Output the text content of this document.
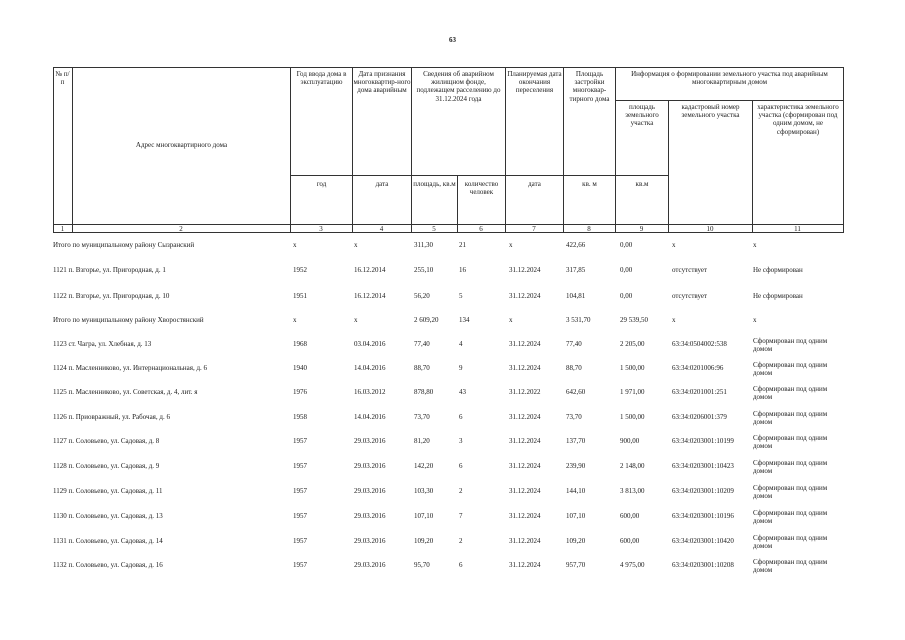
63
№ п/п
Адрес многоквартирного дома
Год ввода дома в эксплуатацию
Дата признания многоквартир-ного дома аварийным
Сведения об аварийном жилищном фонде, подлежащем расселению до 31.12.2024 года
Планируемая дата окончания переселения
Площадь застройки многоквар-тирного дома
Информация о формировании земельного участка под аварийным многоквартирным домом
площадь земельного участка
кадастровый номер земельного участка
характеристика земельного участка (сформирован под одним домом, не сформирован)
год	дата	площадь, кв.м	количество человек
дата	кв. м	кв.м
1	2	3	4	5	6	7	8	9	10	11
Итого по муниципальному району Сызранский	х	х	311,30	21	х	422,66	0,00	х	х
1121 п. Взгорье, ул. Пригородная, д. 1	1952	16.12.2014	255,10	16	31.12.2024	317,85	0,00	отсутствует	Не сформирован
1122 п. Взгорье, ул. Пригородная, д. 10	1951	16.12.2014	56,20	5	31.12.2024	104,81	0,00	отсутствует	Не сформирован
Итого по муниципальному району Хворостянский	х	х	2 609,20	134	х	3 531,70	29 539,50	х	х
1123 ст. Чагра, ул. Хлебная, д. 13	1968	03.04.2016	77,40	4	31.12.2024	77,40	2 205,00	63:34:0504002:538	Сформирован под одним домом
1124 п. Масленниково, ул. Интернациональная, д. 6	1940	14.04.2016	88,70	9	31.12.2024	88,70	1 500,00	63:34:0201006:96	Сформирован под одним домом
1125 п. Масленниково, ул. Советская, д. 4, лит. я	1976	16.03.2012	878,80	43	31.12.2022	642,60	1 971,00	63:34:0201001:251	Сформирован под одним домом
1126 п. Приовражный, ул. Рабочая, д. 6	1958	14.04.2016	73,70	6	31.12.2024	73,70	1 500,00	63:34:0206001:379	Сформирован под одним домом
1127 п. Соловьево, ул. Садовая, д. 8	1957	29.03.2016	81,20	3	31.12.2024	137,70	900,00	63:34:0203001:10199	Сформирован под одним домом
1128 п. Соловьево, ул. Садовая, д. 9	1957	29.03.2016	142,20	6	31.12.2024	239,90	2 148,00	63:34:0203001:10423	Сформирован под одним домом
1129 п. Соловьево, ул. Садовая, д. 11	1957	29.03.2016	103,30	2	31.12.2024	144,10	3 813,00	63:34:0203001:10209	Сформирован под одним домом
1130 п. Соловьево, ул. Садовая, д. 13	1957	29.03.2016	107,10	7	31.12.2024	107,10	600,00	63:34:0203001:10196	Сформирован под одним домом
1131 п. Соловьево, ул. Садовая, д. 14	1957	29.03.2016	109,20	2	31.12.2024	109,20	600,00	63:34:0203001:10420	Сформирован под одним домом
1132 п. Соловьево, ул. Садовая, д. 16	1957	29.03.2016	95,70	6	31.12.2024	957,70	4 975,00	63:34:0203001:10208	Сформирован под одним домом
